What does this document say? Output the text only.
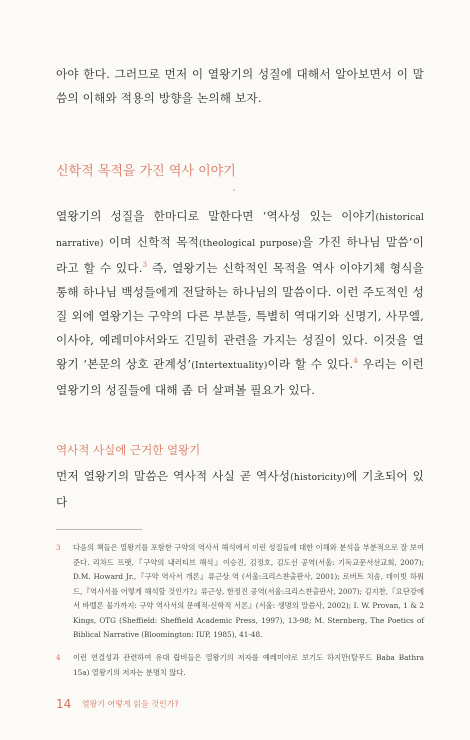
아야 한다. 그러므로 먼저 이 열왕기의 성질에 대해서 알아보면서 이 말씀의 이해와 적용의 방향을 논의해 보자.
신학적 목적을 가진 역사 이야기
열왕기의 성질을 한마디로 말한다면 ‘역사성 있는 이야기(historical narrative) 이며 신학적 목적(theological purpose)을 가진 하나님 말씀’이라고 할 수 있다.$^3$ 즉, 열왕기는 신학적인 목적을 역사 이야기체 형식을 통해 하나님 백성들에게 전달하는 하나님의 말씀이다. 이런 주도적인 성질 외에 열왕기는 구약의 다른 부분들, 특별히 역대기와 신명기, 사무엘, 이사야, 예레미야서와도 긴밀히 관련을 가지는 성질이 있다. 이것을 열왕기 ‘본문의 상호 관계성’(Intertextuality)이라 할 수 있다.$^4$ 우리는 이런 열왕기의 성질들에 대해 좀 더 살펴볼 필요가 있다.
역사적 사실에 근거한 열왕기
먼저 열왕기의 말씀은 역사적 사실 곧 역사성(historicity)에 기초되어 있다
3 다음의 책들은 열왕기를 포함한 구약의 역사서 해석에서 이런 성질들에 대한 이해와 분석을 부분적으로 잘 보여준다. 리차드 프랫,『구약의 내러티브 해석』이승진, 김정호, 김도선 공역(서울: 기독교문서선교회, 2007); D.M. Howard Jr.,『구약 역사서 개론』류근상 역 (서울:크리스챤출판사, 2001); 로버트 치솜, 데이빗 하워드,『역사서를 어떻게 해석할 것인가?』류근상, 한정진 공역(서울:크리스챤출판사, 2007); 김지찬,『요단강에서 바벨론 물가까지: 구약 역사서의 문예적-신학적 서론』(서울: 생명의 말씀사, 2002); I. W. Provan, 1 & 2 Kings, OTG (Sheffield: Sheffield Academic Press, 1997), 13-98; M. Sternberg, The Poetics of Biblical Narrative (Bloomington: IUP, 1985), 41-48.
4 이런 연결성과 관련하여 유대 랍비들은 열왕기의 저자를 예레미야로 보기도 하지만(탈무드 Baba Bathra 15a) 열왕기의 저자는 분명치 않다.
14 열왕기 어떻게 읽을 것인가?
